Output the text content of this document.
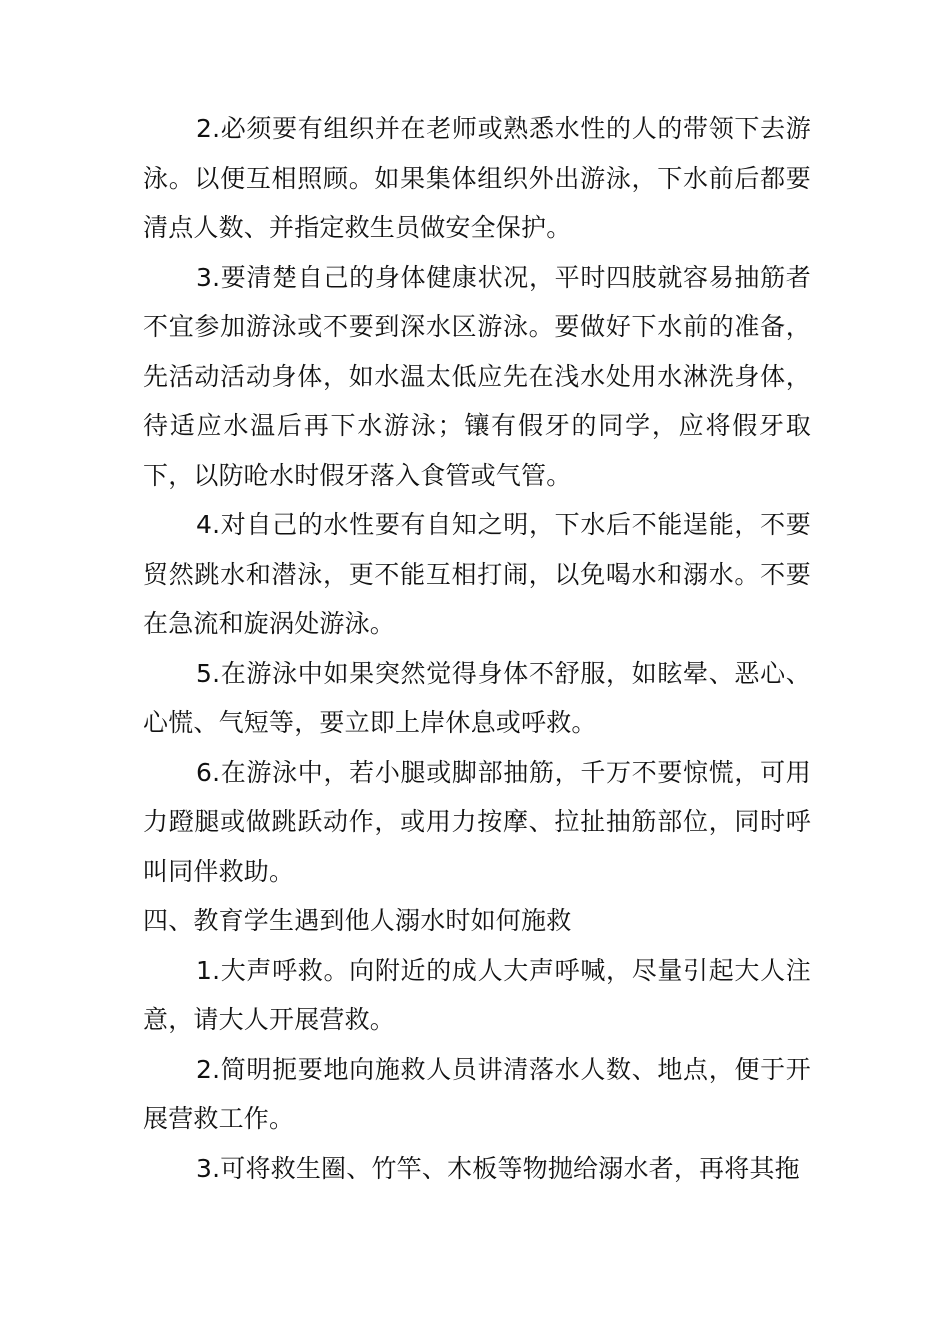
2.必须要有组织并在老师或熟悉水性的人的带领下去游泳。以便互相照顾。如果集体组织外出游泳，下水前后都要清点人数、并指定救生员做安全保护。

3.要清楚自己的身体健康状况，平时四肢就容易抽筋者不宜参加游泳或不要到深水区游泳。要做好下水前的准备，先活动活动身体，如水温太低应先在浅水处用水淋洗身体，待适应水温后再下水游泳；镶有假牙的同学，应将假牙取下，以防呛水时假牙落入食管或气管。

4.对自己的水性要有自知之明，下水后不能逞能，不要贸然跳水和潜泳，更不能互相打闹，以免喝水和溺水。不要在急流和旋涡处游泳。

5.在游泳中如果突然觉得身体不舒服，如眩晕、恶心、心慌、气短等，要立即上岸休息或呼救。

6.在游泳中，若小腿或脚部抽筋，千万不要惊慌，可用力蹬腿或做跳跃动作，或用力按摩、拉扯抽筋部位，同时呼叫同伴救助。

四、教育学生遇到他人溺水时如何施救

1.大声呼救。向附近的成人大声呼喊，尽量引起大人注意，请大人开展营救。

2.简明扼要地向施救人员讲清落水人数、地点，便于开展营救工作。

3.可将救生圈、竹竿、木板等物抛给溺水者，再将其拖
